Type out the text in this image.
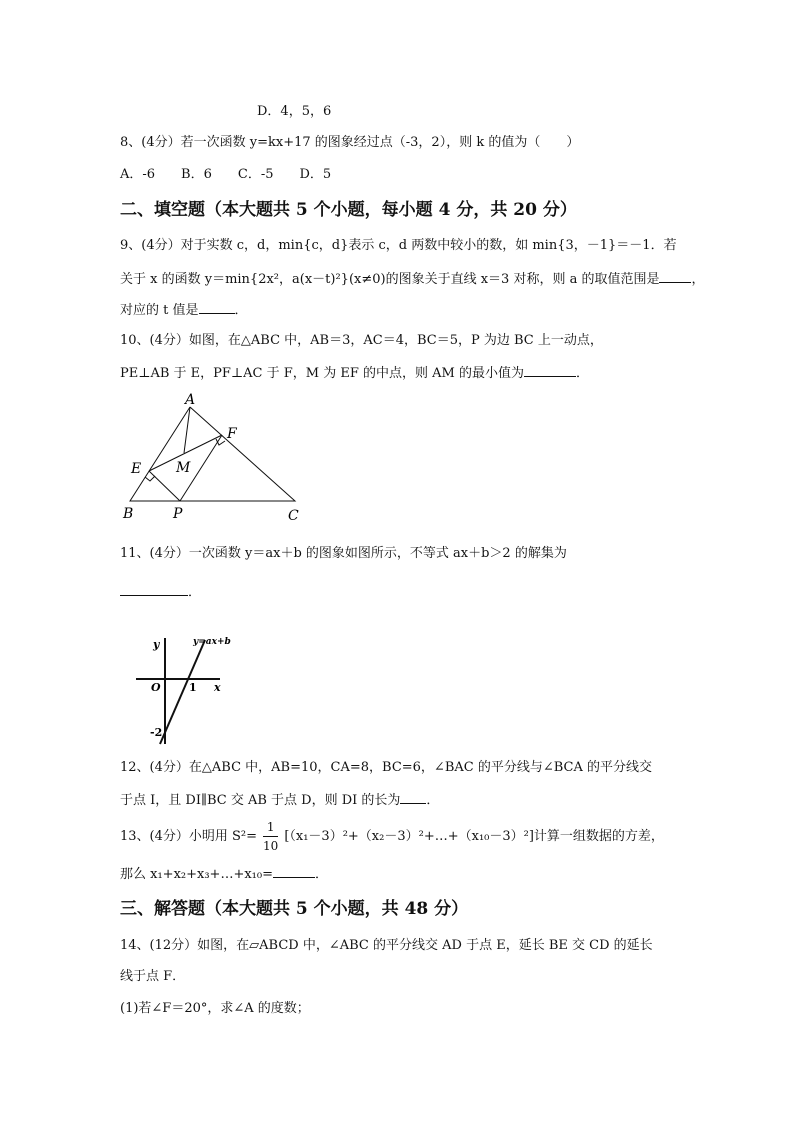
D．4，5，6
8、(4分）若一次函数 y=kx+17 的图象经过点（-3，2），则 k 的值为（　　）
A．-6　　B．6　　C．-5　　D．5
二、填空题（本大题共 5 个小题，每小题 4 分，共 20 分）
9、(4分）对于实数 c，d，min{c，d}表示 c，d 两数中较小的数，如 min{3，－1}＝－1．若
关于 x 的函数 y＝min{2x²，a(x－t)²}(x≠0)的图象关于直线 x＝3 对称，则 a 的取值范围是 ，
对应的 t 值是	．
10、(4分）如图，在△ABC 中，AB＝3，AC＝4，BC＝5，P 为边 BC 上一动点，
PE⊥AB 于 E，PF⊥AC 于 F，M 为 EF 的中点，则 AM 的最小值为	．
A
F
E M
B	P	C
11、(4分）一次函数 y＝ax＋b 的图象如图所示，不等式 ax＋b＞2 的解集为
．
y	y=ax+b
O	1 x
-2
12、(4分）在△ABC 中，AB=10，CA=8，BC=6，∠BAC 的平分线与∠BCA 的平分线交
于点 I，且 DI∥BC 交 AB 于点 D，则 DI 的长为 ．
13、(4分）小明用 $S^2= \frac{1}{10}$ [（x₁－3）²+（x₂－3）²+…+（x₁₀－3）²]计算一组数据的方差，
那么 x₁+x₂+x₃+…+x₁₀=	．
三、解答题（本大题共 5 个小题，共 48 分）
14、(12分）如图，在▱ABCD 中，∠ABC 的平分线交 AD 于点 E，延长 BE 交 CD 的延长
线于点 F．
(1)若∠F＝20°，求∠A 的度数；
